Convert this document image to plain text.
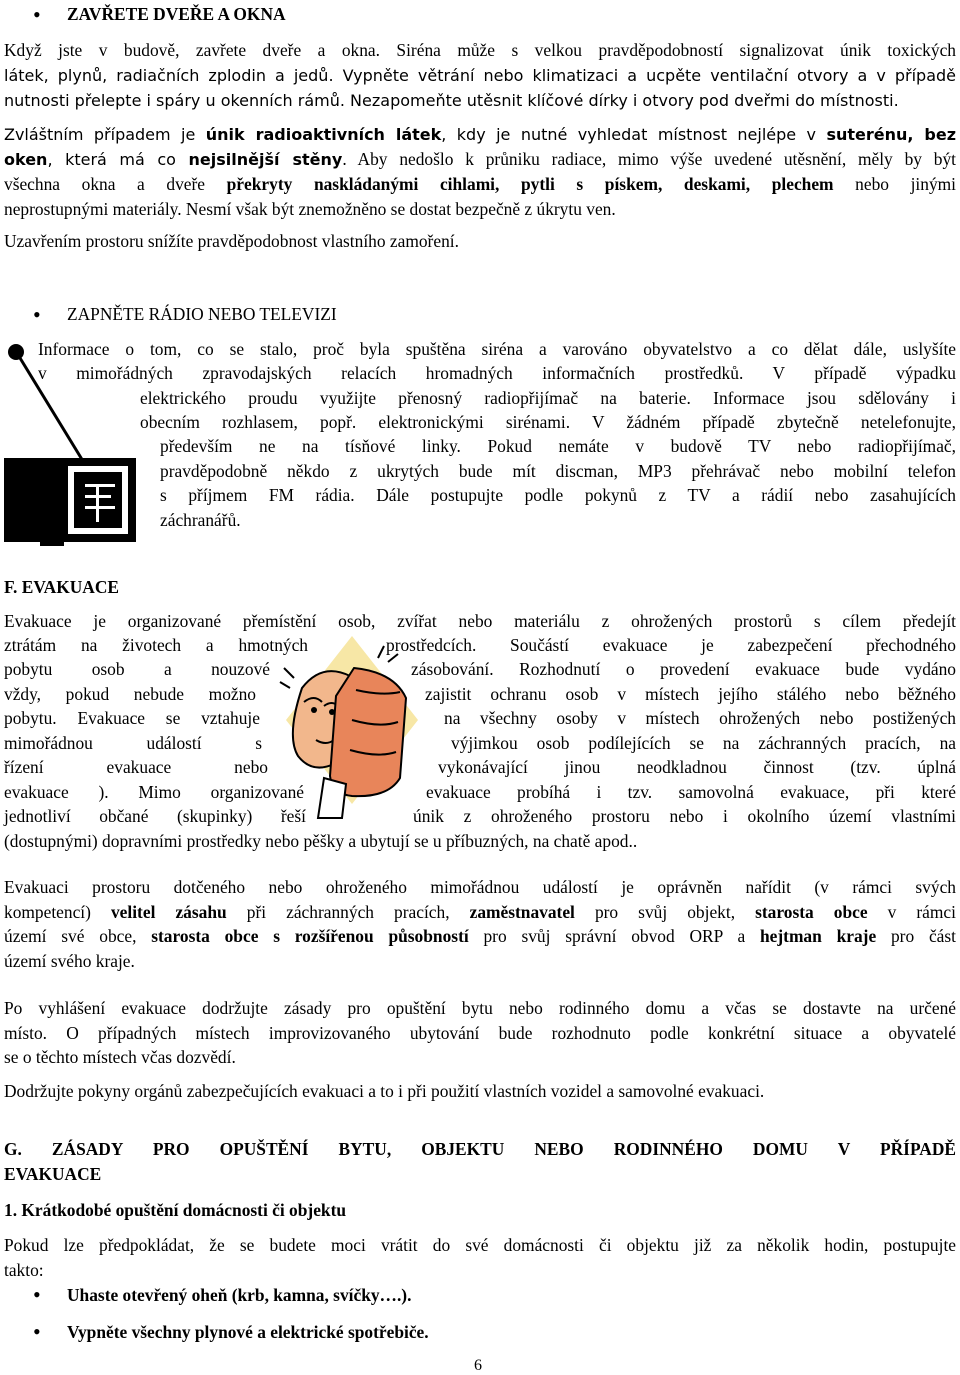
• ZAVŘETE DVEŘE A OKNA
Když jste v budově, zavřete dveře a okna. Siréna může s velkou pravděpodobností signalizovat únik toxických
látek, plynů, radiačních zplodin a jedů. Vypněte větrání nebo klimatizaci a ucpěte ventilační otvory a v případě
nutnosti přelepte i spáry u okenních rámů. Nezapomeňte utěsnit klíčové dírky i otvory pod dveřmi do místnosti.
Zvláštním případem je únik radioaktivních látek, kdy je nutné vyhledat místnost nejlépe v suterénu, bez
oken, která má co nejsilnější stěny. Aby nedošlo k průniku radiace, mimo výše uvedené utěsnění, měly by být
všechna okna a dveře překryty naskládanými cihlami, pytli s pískem, deskami, plechem nebo jinými
neprostupnými materiály. Nesmí však být znemožněno se dostat bezpečně z úkrytu ven.
Uzavřením prostoru snížíte pravděpodobnost vlastního zamoření.
• ZAPNĚTE RÁDIO NEBO TELEVIZI
Informace o tom, co se stalo, proč byla spuštěna siréna a varováno obyvatelstvo a co dělat dále, uslyšíte
v mimořádných zpravodajských relacích hromadných informačních prostředků. V případě výpadku
elektrického proudu využijte přenosný radiopřijímač na baterie. Informace jsou sdělovány i
obecním rozhlasem, popř. elektronickými sirénami. V žádném případě zbytečně netelefonujte,
především ne na tísňové linky. Pokud nemáte v budově TV nebo radiopřijímač,
pravděpodobně někdo z ukrytých bude mít discman, MP3 přehrávač nebo mobilní telefon
s příjmem FM rádia. Dále postupujte podle pokynů z TV a rádií nebo zasahujících
záchranářů.
F. EVAKUACE
Evakuace je organizované přemístění osob, zvířat nebo materiálu z ohrožených prostorů s cílem předejít
ztrátám na životech a hmotných
pobytu osob a nouzové
vždy, pokud nebude možno
pobytu. Evakuace se vztahuje
mimořádnou událostí s
řízení evakuace nebo
evakuace ). Mimo organizované
jednotliví občané (skupinky) řeší
prostředcích. Součástí evakuace je zabezpečení přechodného
zásobování. Rozhodnutí o provedení evakuace bude vydáno
zajistit ochranu osob v místech jejího stálého nebo běžného
na všechny osoby v místech ohrožených nebo postižených
výjimkou osob podílejících se na záchranných pracích, na
vykonávající jinou neodkladnou činnost (tzv. úplná
evakuace probíhá i tzv. samovolná evakuace, při které
únik z ohroženého prostoru nebo i okolního území vlastními
(dostupnými) dopravními prostředky nebo pěšky a ubytují se u příbuzných, na chatě apod..
Evakuaci prostoru dotčeného nebo ohroženého mimořádnou událostí je oprávněn nařídit (v rámci svých
kompetencí) velitel zásahu při záchranných pracích, zaměstnavatel pro svůj objekt, starosta obce v rámci
území své obce, starosta obce s rozšířenou působností pro svůj správní obvod ORP a hejtman kraje pro část
území svého kraje.
Po vyhlášení evakuace dodržujte zásady pro opuštění bytu nebo rodinného domu a včas se dostavte na určené
místo. O případných místech improvizovaného ubytování bude rozhodnuto podle konkrétní situace a obyvatelé
se o těchto místech včas dozvědí.
Dodržujte pokyny orgánů zabezpečujících evakuaci a to i při použití vlastních vozidel a samovolné evakuaci.
G. ZÁSADY PRO OPUŠTĚNÍ BYTU, OBJEKTU NEBO RODINNÉHO DOMU V PŘÍPADĚ
EVAKUACE
1. Krátkodobé opuštění domácnosti či objektu
Pokud lze předpokládat, že se budete moci vrátit do své domácnosti či objektu již za několik hodin, postupujte
takto:
• Uhaste otevřený oheň (krb, kamna, svíčky….).
• Vypněte všechny plynové a elektrické spotřebiče.
6
